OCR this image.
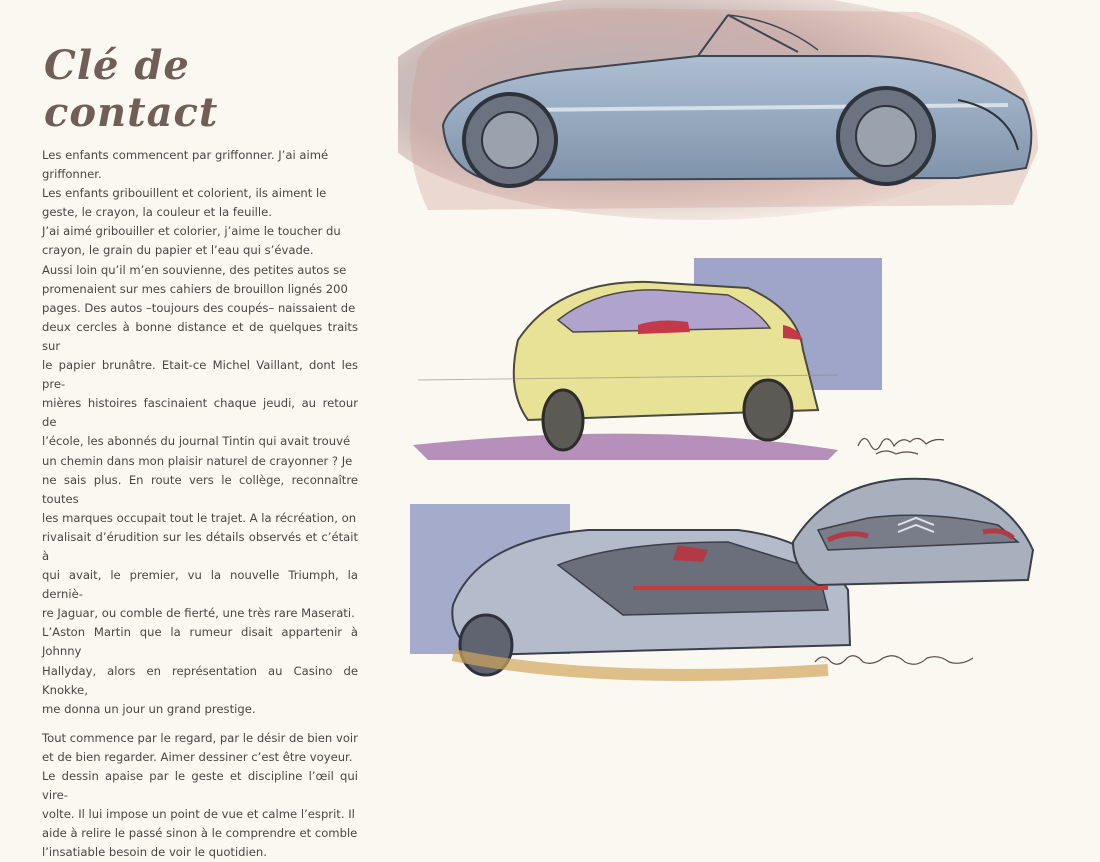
Clé de contact

Les enfants commencent par griffonner. J’ai aimé
griffonner.
Les enfants gribouillent et colorient, ils aiment le
geste, le crayon, la couleur et la feuille.
J’ai aimé gribouiller et colorier, j’aime le toucher du
crayon, le grain du papier et l’eau qui s’évade.
Aussi loin qu’il m’en souvienne, des petites autos se
promenaient sur mes cahiers de brouillon lignés 200
pages. Des autos –toujours des coupés– naissaient de
deux cercles à bonne distance et de quelques traits sur
le papier brunâtre. Etait-ce Michel Vaillant, dont les pre-
mières histoires fascinaient chaque jeudi, au retour de
l’école, les abonnés du journal Tintin qui avait trouvé
un chemin dans mon plaisir naturel de crayonner ? Je
ne sais plus. En route vers le collège, reconnaître toutes
les marques occupait tout le trajet. A la récréation, on
rivalisait d’érudition sur les détails observés et c’était à
qui avait, le premier, vu la nouvelle Triumph, la derniè-
re Jaguar, ou comble de fierté, une très rare Maserati.
L’Aston Martin que la rumeur disait appartenir à Johnny
Hallyday, alors en représentation au Casino de Knokke,
me donna un jour un grand prestige.

Tout commence par le regard, par le désir de bien voir
et de bien regarder. Aimer dessiner c’est être voyeur.
Le dessin apaise par le geste et discipline l’œil qui vire-
volte. Il lui impose un point de vue et calme l’esprit. Il
aide à relire le passé sinon à le comprendre et comble
l’insatiable besoin de voir le quotidien.
